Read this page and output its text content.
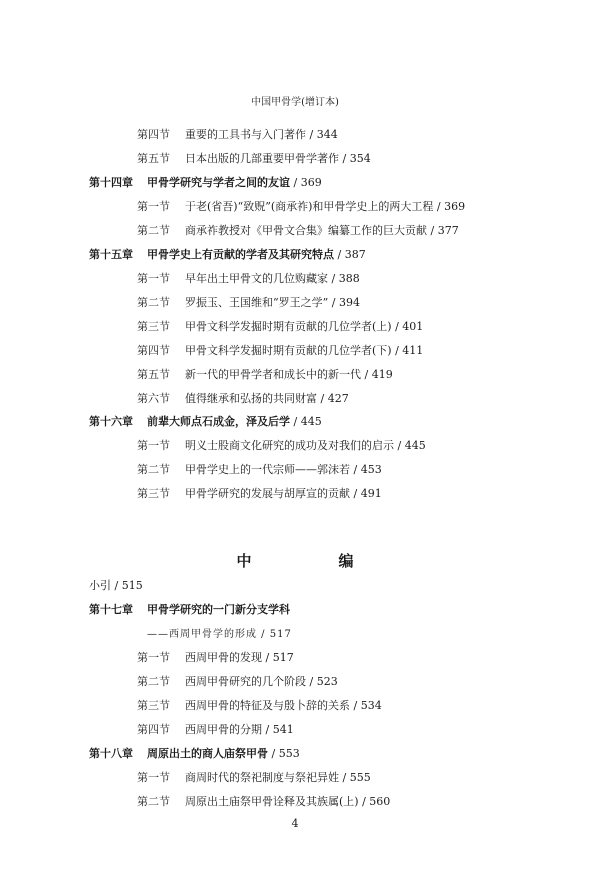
中国甲骨学(增订本)
第四节 重要的工具书与入门著作 / 344
第五节 日本出版的几部重要甲骨学著作 / 354
第十四章 甲骨学研究与学者之间的友谊 / 369
第一节 于老(省吾)“致贶”(商承祚)和甲骨学史上的两大工程 / 369
第二节 商承祚教授对《甲骨文合集》编纂工作的巨大贡献 / 377
第十五章 甲骨学史上有贡献的学者及其研究特点 / 387
第一节 早年出土甲骨文的几位购藏家 / 388
第二节 罗振玉、王国维和“罗王之学” / 394
第三节 甲骨文科学发掘时期有贡献的几位学者(上) / 401
第四节 甲骨文科学发掘时期有贡献的几位学者(下) / 411
第五节 新一代的甲骨学者和成长中的新一代 / 419
第六节 值得继承和弘扬的共同财富 / 427
第十六章 前辈大师点石成金，泽及后学 / 445
第一节 明义士股商文化研究的成功及对我们的启示 / 445
第二节 甲骨学史上的一代宗师——郭沫若 / 453
第三节 甲骨学研究的发展与胡厚宣的贡献 / 491
小引 / 515
第十七章 甲骨学研究的一门新分支学科
——西周甲骨学的形成 / 517
第一节 西周甲骨的发现 / 517
第二节 西周甲骨研究的几个阶段 / 523
第三节 西周甲骨的特征及与殷卜辞的关系 / 534
第四节 西周甲骨的分期 / 541
第十八章 周原出土的商人庙祭甲骨 / 553
第一节 商周时代的祭祀制度与祭祀异姓 / 555
第二节 周原出土庙祭甲骨诠释及其族属(上) / 560
中　编
4
